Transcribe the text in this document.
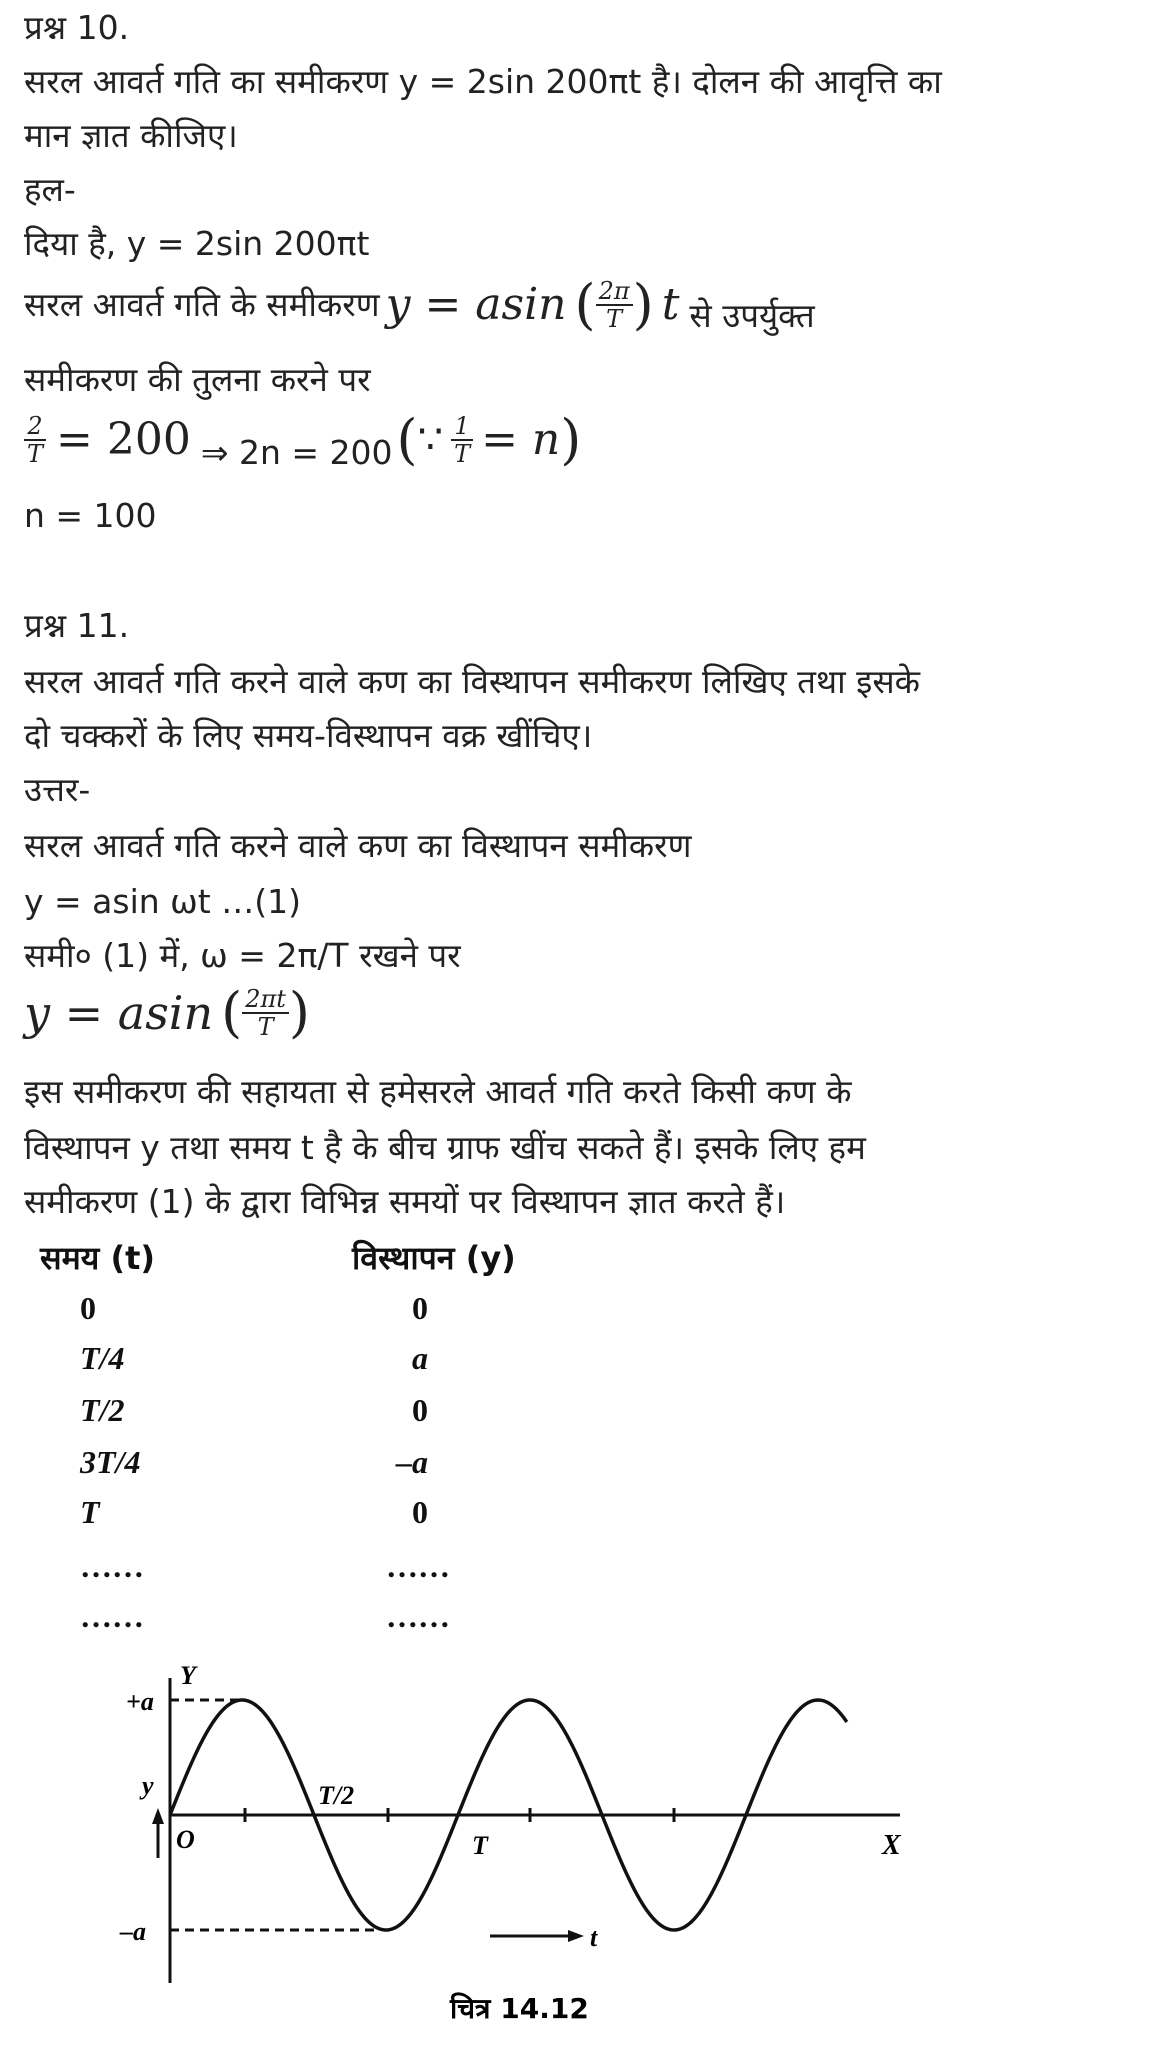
प्रश्न 10.
सरल आवर्त गति का समीकरण y = 2sin 200πt है। दोलन की आवृत्ति का
मान ज्ञात कीजिए।
हल-
दिया है, y = 2sin 200πt
सरल आवर्त गति के समीकरण y = asin ( $\frac{2\pi}{T}$ ) t से उपर्युक्त
समीकरण की तुलना करने पर
$\frac{2}{T} = 200$ ⇒ 2n = 200 ( ∵ $\frac{1}{T} = n$ )
n = 100
प्रश्न 11.
सरल आवर्त गति करने वाले कण का विस्थापन समीकरण लिखिए तथा इसके
दो चक्करों के लिए समय-विस्थापन वक्र खींचिए।
उत्तर-
सरल आवर्त गति करने वाले कण का विस्थापन समीकरण
y = asin ωt …(1)
समी० (1) में, ω = 2π/T रखने पर
y = asin ( $\frac{2\pi t}{T}$ )
इस समीकरण की सहायता से हमेसरले आवर्त गति करते किसी कण के
विस्थापन y तथा समय t है के बीच ग्राफ खींच सकते हैं। इसके लिए हम
समीकरण (1) के द्वारा विभिन्न समयों पर विस्थापन ज्ञात करते हैं।
समय (t)	विस्थापन (y)
0	0
T/4	a
T/2	0
3T/4	–a
T	0
……	……
……	……
+a
–a
Y
y
O
T/2
T	X
t
चित्र 14.12
